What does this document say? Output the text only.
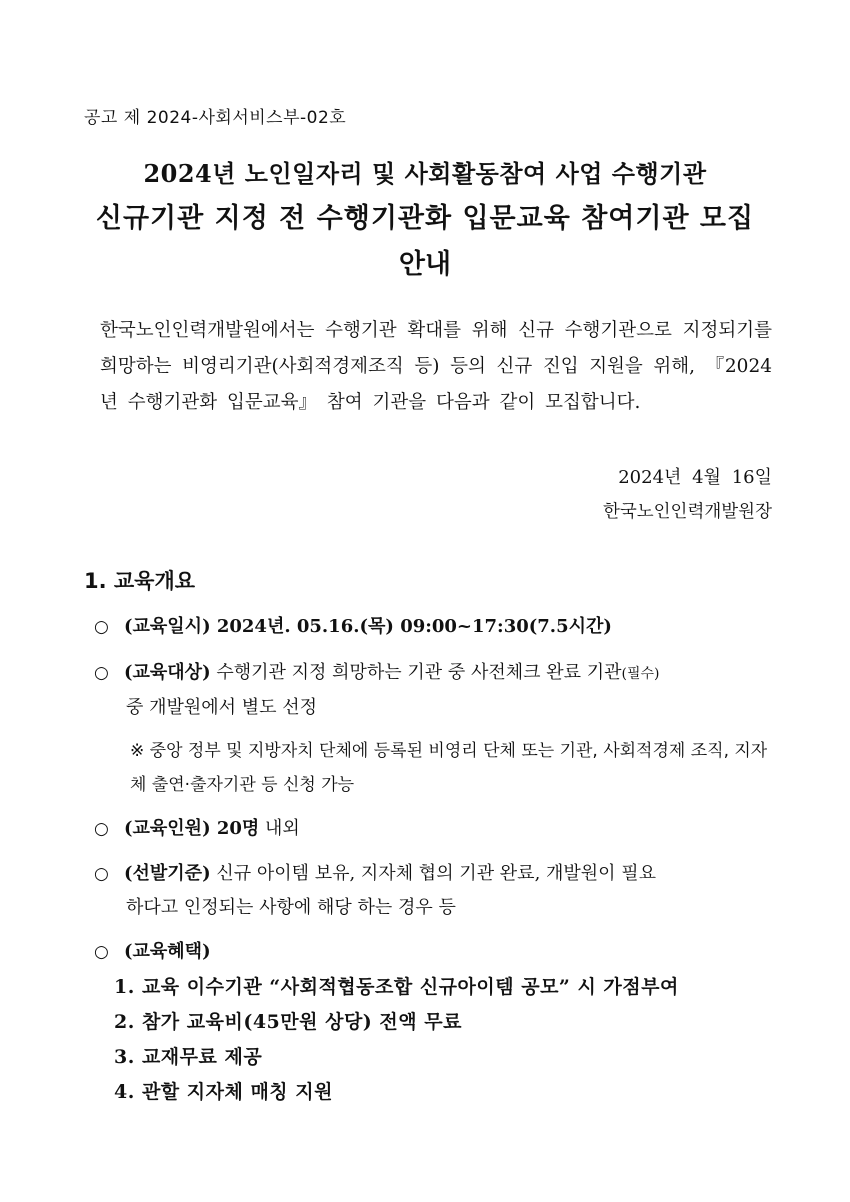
공고 제 2024-사회서비스부-02호
2024년 노인일자리 및 사회활동참여 사업 수행기관
신규기관 지정 전 수행기관화 입문교육 참여기관 모집
안내

한국노인인력개발원에서는 수행기관 확대를 위해 신규 수행기관으로 지정되기를 희망하는 비영리기관(사회적경제조직 등) 등의 신규 진입 지원을 위해, 『2024년 수행기관화 입문교육』 참여 기관을 다음과 같이 모집합니다.

2024년 4월 16일
한국노인인력개발원장
1. 교육개요
○ (교육일시) 2024년. 05.16.(목) 09:00~17:30(7.5시간)
○ (교육대상) 수행기관 지정 희망하는 기관 중 사전체크 완료 기관(필수)
중 개발원에서 별도 선정
※ 중앙 정부 및 지방자치 단체에 등록된 비영리 단체 또는 기관, 사회적경제 조직, 지자체 출연·출자기관 등 신청 가능
○ (교육인원) 20명 내외
○ (선발기준) 신규 아이템 보유, 지자체 협의 기관 완료, 개발원이 필요
하다고 인정되는 사항에 해당 하는 경우 등
○ (교육혜택)
1. 교육 이수기관 “사회적협동조합 신규아이템 공모” 시 가점부여
2. 참가 교육비(45만원 상당) 전액 무료
3. 교재무료 제공
4. 관할 지자체 매칭 지원
